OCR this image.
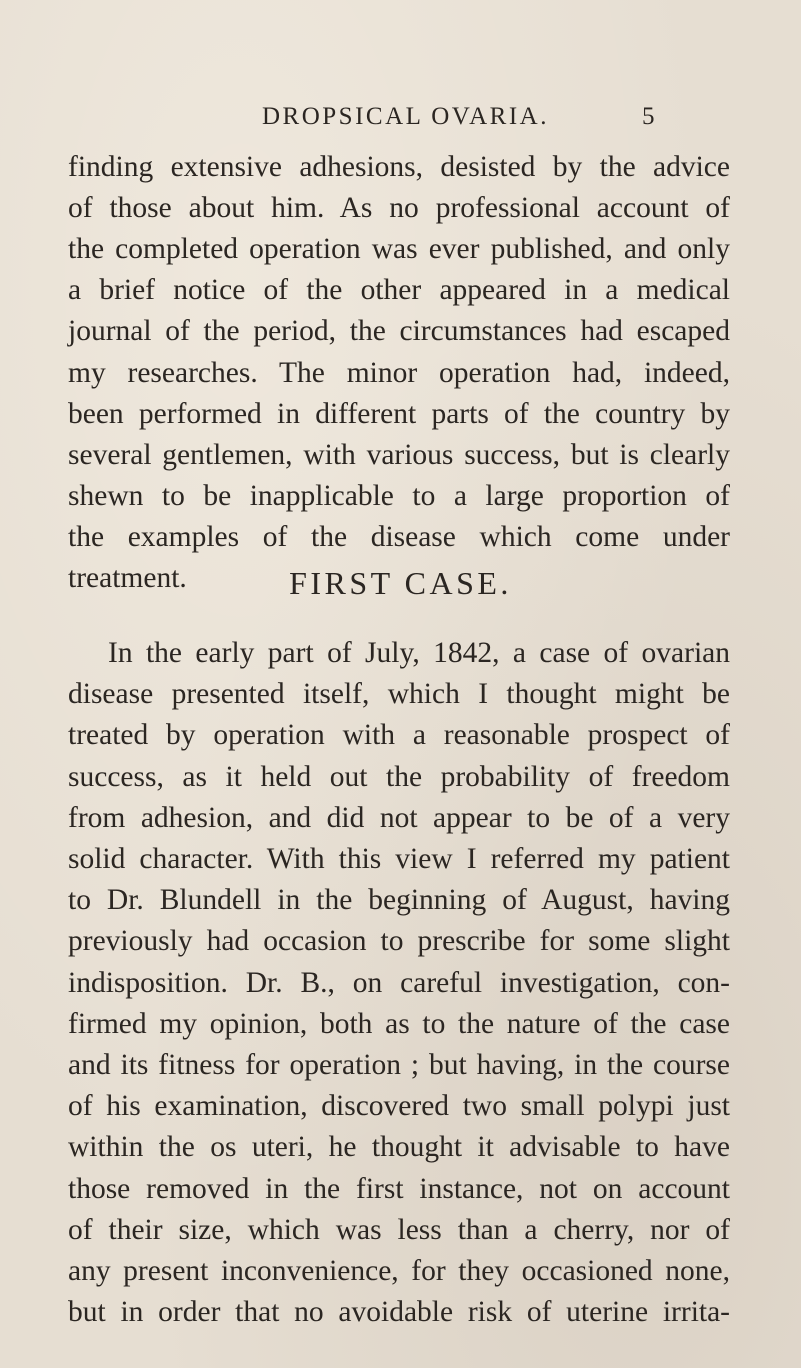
DROPSICAL OVARIA.	5
finding extensive adhesions, desisted by the advice
of those about him. As no professional account of
the completed operation was ever published, and only
a brief notice of the other appeared in a medical
journal of the period, the circumstances had escaped
my researches. The minor operation had, indeed,
been performed in different parts of the country by
several gentlemen, with various success, but is clearly
shewn to be inapplicable to a large proportion of
the examples of the disease which come under
treatment.	FIRST CASE.
In the early part of July, 1842, a case of ovarian
disease presented itself, which I thought might be
treated by operation with a reasonable prospect of
success, as it held out the probability of freedom
from adhesion, and did not appear to be of a very
solid character. With this view I referred my patient
to Dr. Blundell in the beginning of August, having
previously had occasion to prescribe for some slight
indisposition. Dr. B., on careful investigation, con-
firmed my opinion, both as to the nature of the case
and its fitness for operation ; but having, in the course
of his examination, discovered two small polypi just
within the os uteri, he thought it advisable to have
those removed in the first instance, not on account
of their size, which was less than a cherry, nor of
any present inconvenience, for they occasioned none,
but in order that no avoidable risk of uterine irrita-
